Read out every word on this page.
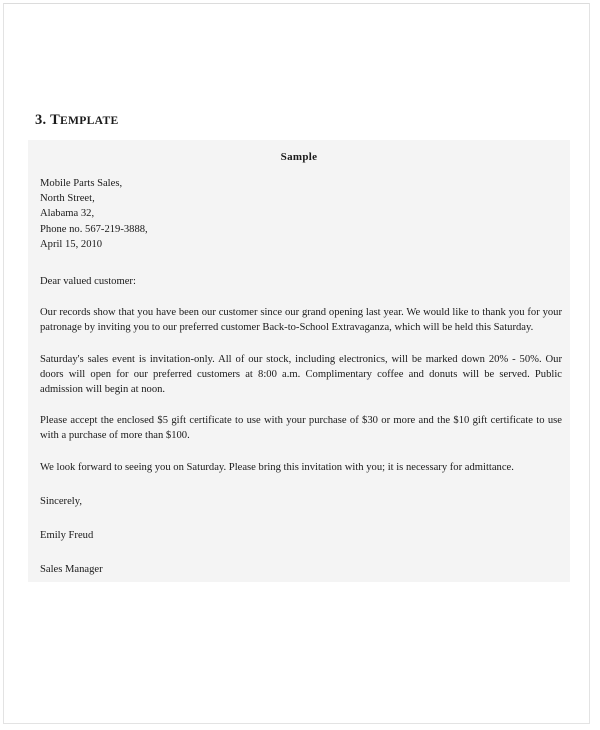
3. TEMPLATE
Sample
Mobile Parts Sales,
North Street,
Alabama 32,
Phone no. 567-219-3888,
April 15, 2010

Dear valued customer:

Our records show that you have been our customer since our grand opening last year. We would like to thank you for your patronage by inviting you to our preferred customer Back-to-School Extravaganza, which will be held this Saturday.

Saturday's sales event is invitation-only. All of our stock, including electronics, will be marked down 20% - 50%. Our doors will open for our preferred customers at 8:00 a.m. Complimentary coffee and donuts will be served. Public admission will begin at noon.

Please accept the enclosed $5 gift certificate to use with your purchase of $30 or more and the $10 gift certificate to use with a purchase of more than $100.

We look forward to seeing you on Saturday. Please bring this invitation with you; it is necessary for admittance.

Sincerely,

Emily Freud

Sales Manager
